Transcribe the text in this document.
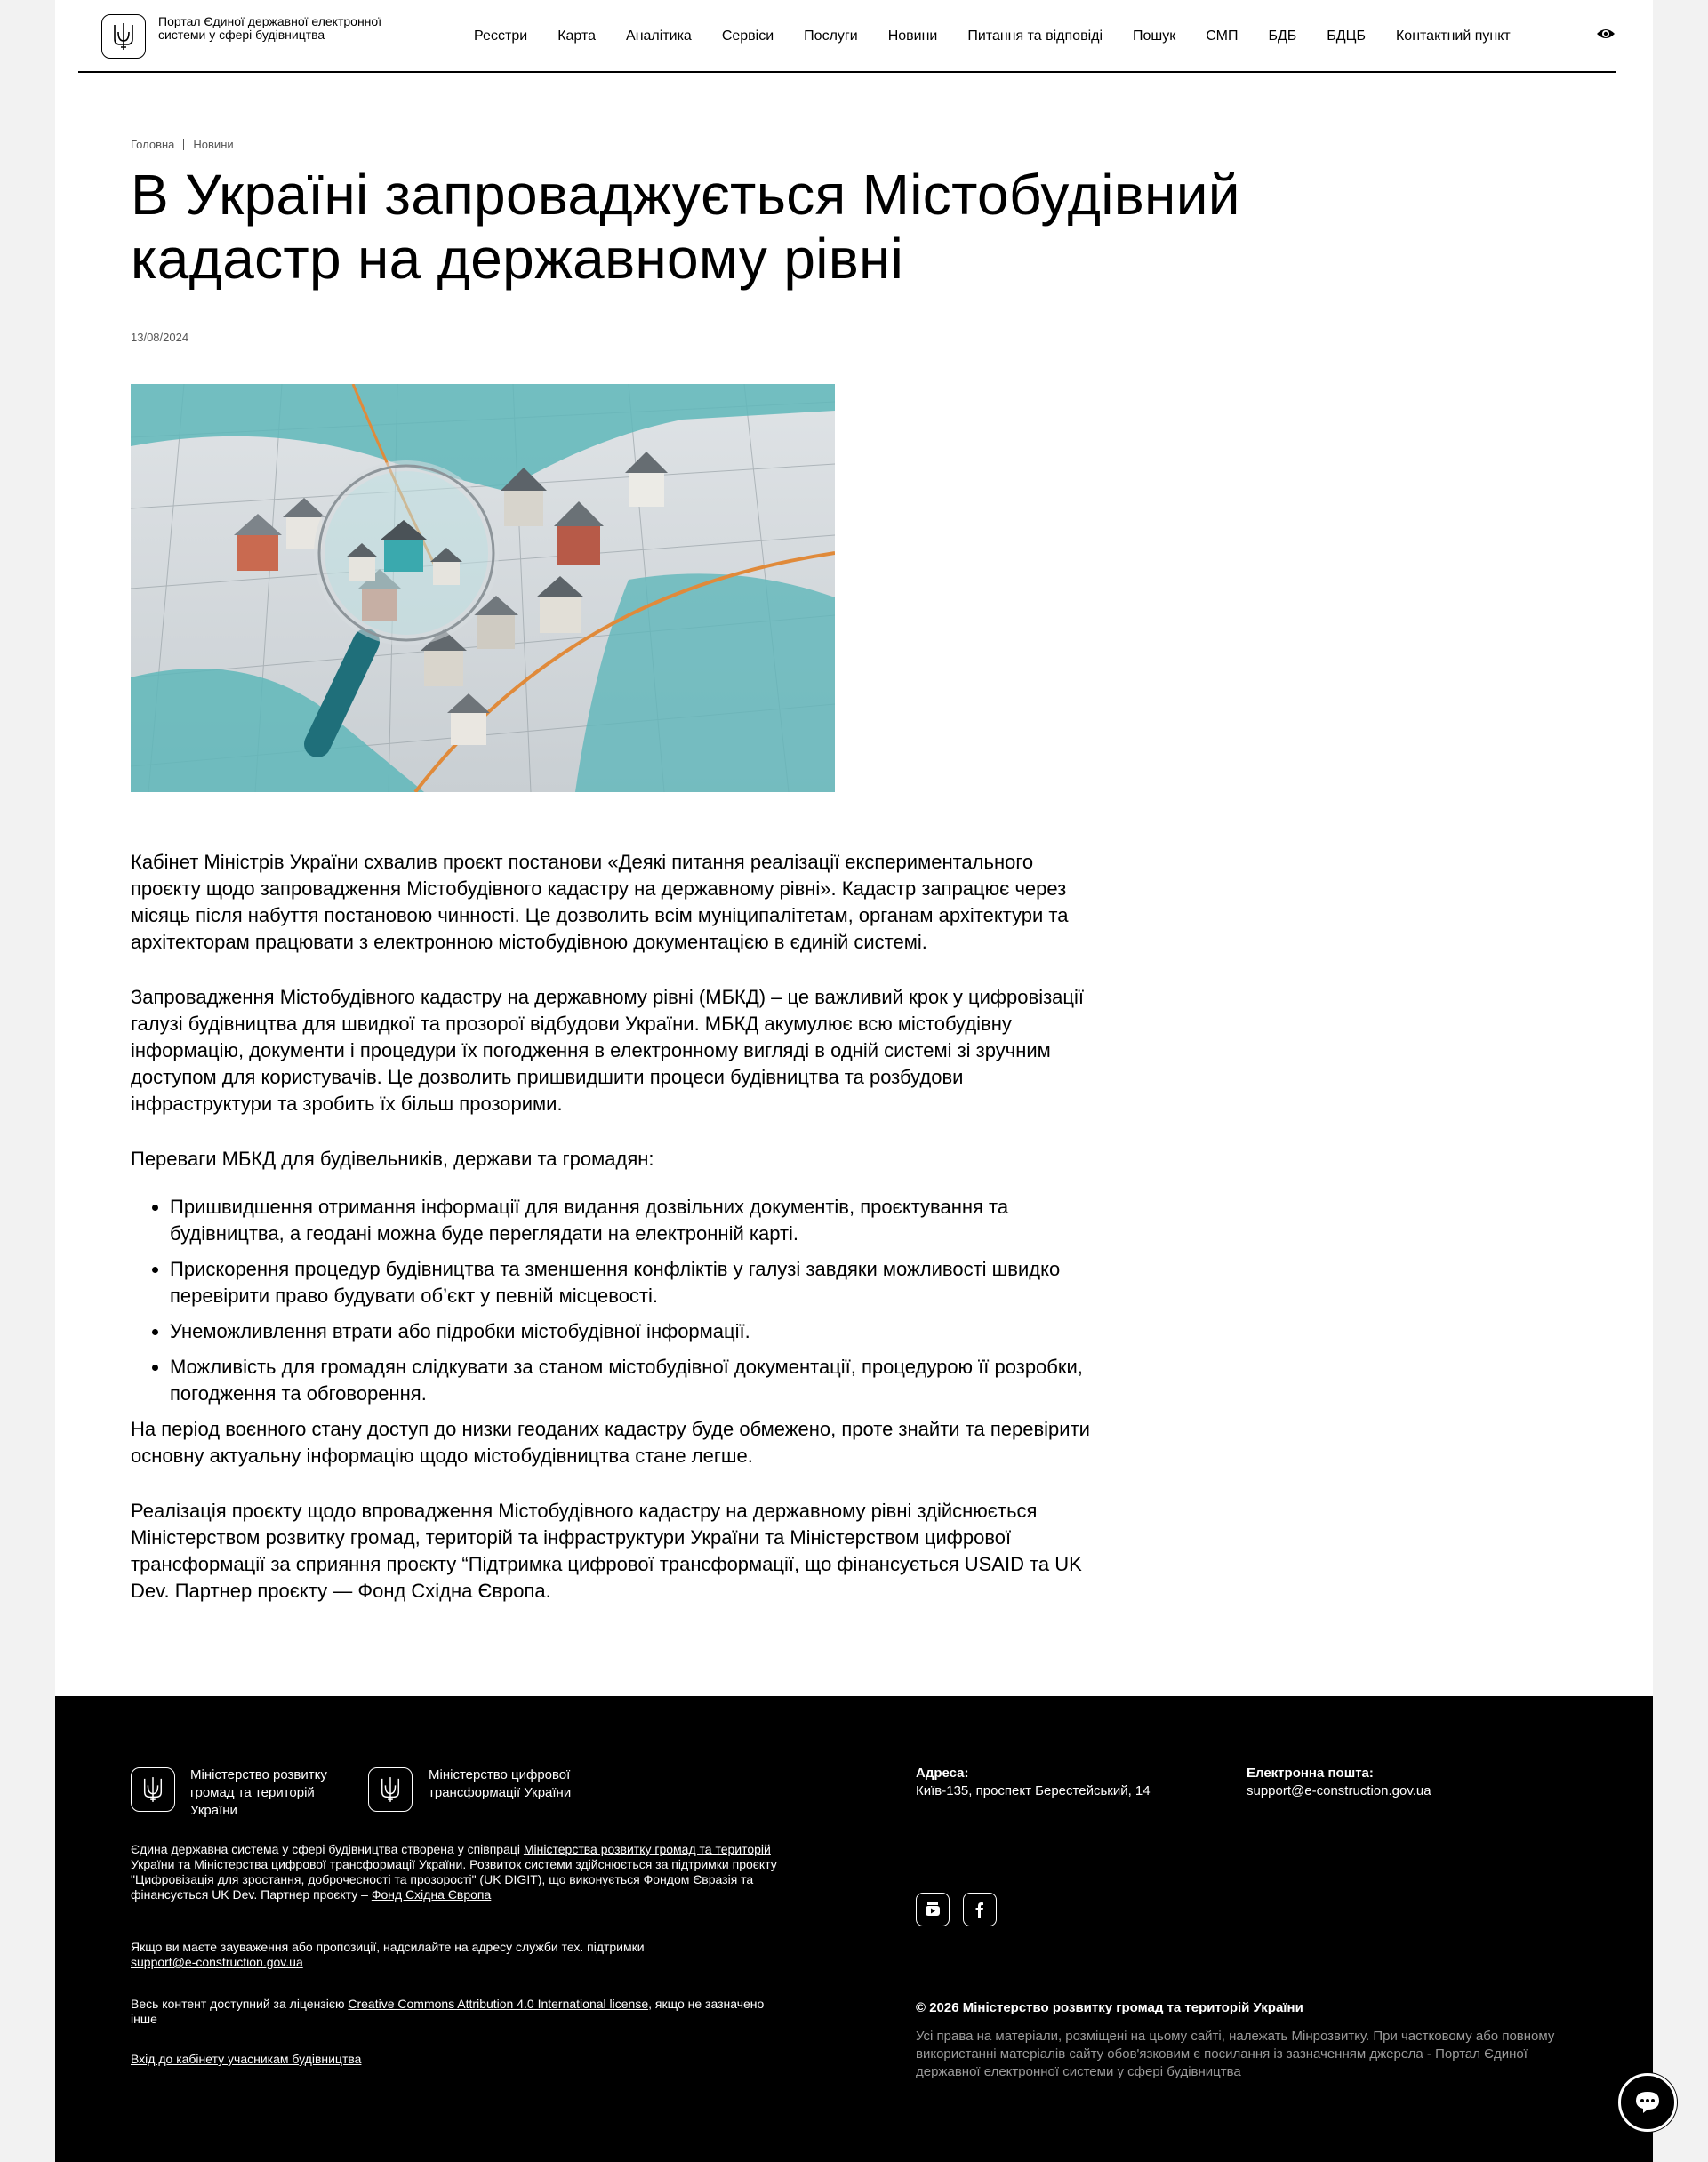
Портал Єдиної державної електронної системи у сфері будівництва	Реєстри Карта Аналітика Сервіси Послуги Новини Питання та відповіді Пошук СМП БДБ БДЦБ Контактний пункт
Головна Новини
В Україні запроваджується Містобудівний кадастр на державному рівні
13/08/2024

Кабінет Міністрів України схвалив проєкт постанови «Деякі питання реалізації експериментального проєкту щодо запровадження Містобудівного кадастру на державному рівні». Кадастр запрацює через місяць після набуття постановою чинності. Це дозволить всім муніципалітетам, органам архітектури та архітекторам працювати з електронною містобудівною документацією в єдиній системі.

Запровадження Містобудівного кадастру на державному рівні (МБКД) – це важливий крок у цифровізації галузі будівництва для швидкої та прозорої відбудови України. МБКД акумулює всю містобудівну інформацію, документи і процедури їх погодження в електронному вигляді в одній системі зі зручним доступом для користувачів. Це дозволить пришвидшити процеси будівництва та розбудови інфраструктури та зробить їх більш прозорими.

Переваги МБКД для будівельників, держави та громадян:

• Пришвидшення отримання інформації для видання дозвільних документів, проєктування та будівництва, а геодані можна буде переглядати на електронній карті.
• Прискорення процедур будівництва та зменшення конфліктів у галузі завдяки можливості швидко перевірити право будувати об’єкт у певній місцевості.
• Унеможливлення втрати або підробки містобудівної інформації.
• Можливість для громадян слідкувати за станом містобудівної документації, процедурою її розробки, погодження та обговорення.

На період воєнного стану доступ до низки геоданих кадастру буде обмежено, проте знайти та перевірити основну актуальну інформацію щодо містобудівництва стане легше.

Реалізація проєкту щодо впровадження Містобудівного кадастру на державному рівні здійснюється Міністерством розвитку громад, територій та інфраструктури України та Міністерством цифрової трансформації за сприяння проєкту “Підтримка цифрової трансформації, що фінансується USAID та UK Dev. Партнер проєкту — Фонд Східна Європа.

Міністерство розвитку громад та територій України
Міністерство цифрової трансформації України
Єдина державна система у сфері будівництва створена у співпраці Міністерства розвитку громад та територій України та Міністерства цифрової трансформації України. Розвиток системи здійснюється за підтримки проєкту "Цифровізація для зростання, доброчесності та прозорості" (UK DIGIT), що виконується Фондом Євразія та фінансується UK Dev. Партнер проєкту – Фонд Східна Європа
Якщо ви маєте зауваження або пропозиції, надсилайте на адресу служби тех. підтримки
support@e-construction.gov.ua
Весь контент доступний за ліцензією Creative Commons Attribution 4.0 International license, якщо не зазначено інше
Вхід до кабінету учасникам будівництва
Адреса:
Київ-135, проспект Берестейський, 14
Електронна пошта:
support@e-construction.gov.ua
© 2026 Міністерство розвитку громад та територій України
Усі права на матеріали, розміщені на цьому сайті, належать Мінрозвитку. При частковому або повному використанні матеріалів сайту обов'язковим є посилання із зазначенням джерела - Портал Єдиної державної електронної системи у сфері будівництва
